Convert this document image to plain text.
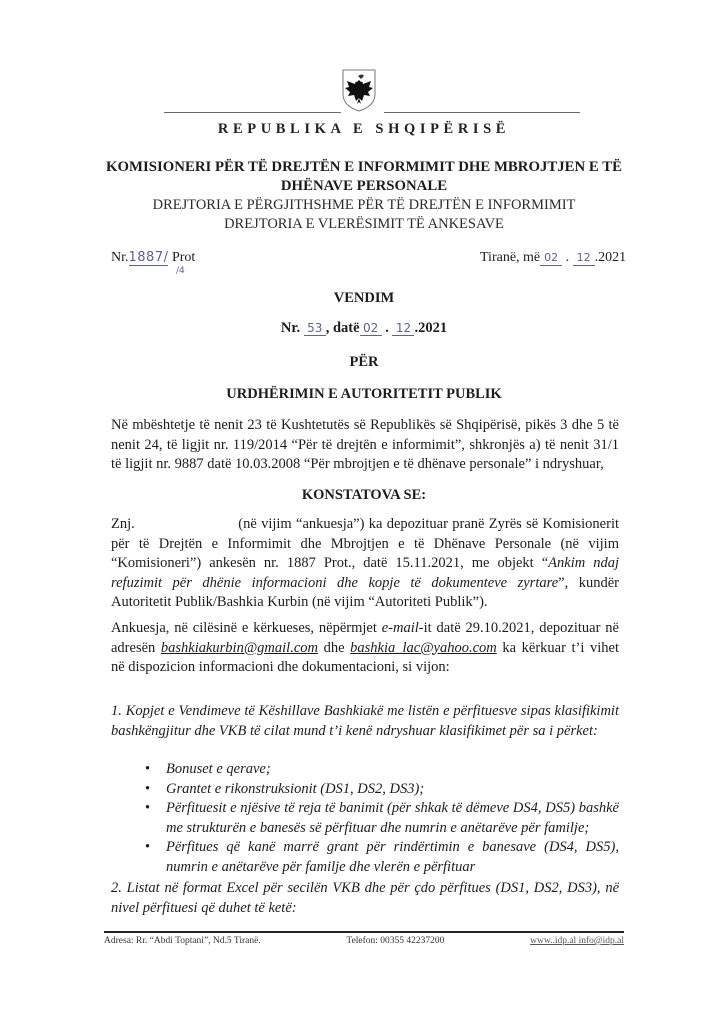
REPUBLIKA E SHQIPËRISË
KOMISIONERI PËR TË DREJTËN E INFORMIMIT DHE MBROJTJEN E TË
DHËNAVE PERSONALE
DREJTORIA E PËRGJITHSHME PËR TË DREJTËN E INFORMIMIT
DREJTORIA E VLERËSIMIT TË ANKESAVE
Nr.1887/ Prot
/4
Tiranë, më 02 . 12 .2021
VENDIM
Nr. 53 , datë 02 . 12 .2021
PËR
URDHËRIMIN E AUTORITETIT PUBLIK

Në mbështetje të nenit 23 të Kushtetutës së Republikës së Shqipërisë, pikës 3 dhe 5 të nenit 24, të ligjit nr. 119/2014 “Për të drejtën e informimit”, shkronjës a) të nenit 31/1 të ligjit nr. 9887 datë 10.03.2008 “Për mbrojtjen e të dhënave personale” i ndryshuar,

KONSTATOVA SE:

Znj.                        (në vijim “ankuesja”) ka depozituar pranë Zyrës së Komisionerit për të Drejtën e Informimit dhe Mbrojtjen e të Dhënave Personale (në vijim “Komisioneri”) ankesën nr. 1887 Prot., datë 15.11.2021, me objekt “Ankim ndaj refuzimit për dhënie informacioni dhe kopje të dokumenteve zyrtare”, kundër Autoritetit Publik/Bashkia Kurbin (në vijim “Autoriteti Publik”).

Ankuesja, në cilësinë e kërkueses, nëpërmjet e-mail-it datë 29.10.2021, depozituar në adresën bashkiakurbin@gmail.com dhe bashkia_lac@yahoo.com ka kërkuar t’i vihet në dispozicion informacioni dhe dokumentacioni, si vijon:

1. Kopjet e Vendimeve të Këshillave Bashkiakë me listën e përfituesve sipas klasifikimit bashkëngjitur dhe VKB të cilat mund t’i kenë ndryshuar klasifikimet për sa i përket:

• Bonuset e qerave;
• Grantet e rikonstruksionit (DS1, DS2, DS3);
• Përfituesit e njësive të reja të banimit (për shkak të dëmeve DS4, DS5) bashkë me strukturën e banesës së përfituar dhe numrin e anëtarëve për familje;
• Përfitues që kanë marrë grant për rindërtimin e banesave (DS4, DS5), numrin e anëtarëve për familje dhe vlerën e përfituar

2. Listat në format Excel për secilën VKB dhe për çdo përfitues (DS1, DS2, DS3), në nivel përfituesi që duhet të ketë:

Adresa: Rr. “Abdi Toptani”, Nd.5 Tiranë.	Telefon: 00355 42237200	www..idp.al info@idp.al
